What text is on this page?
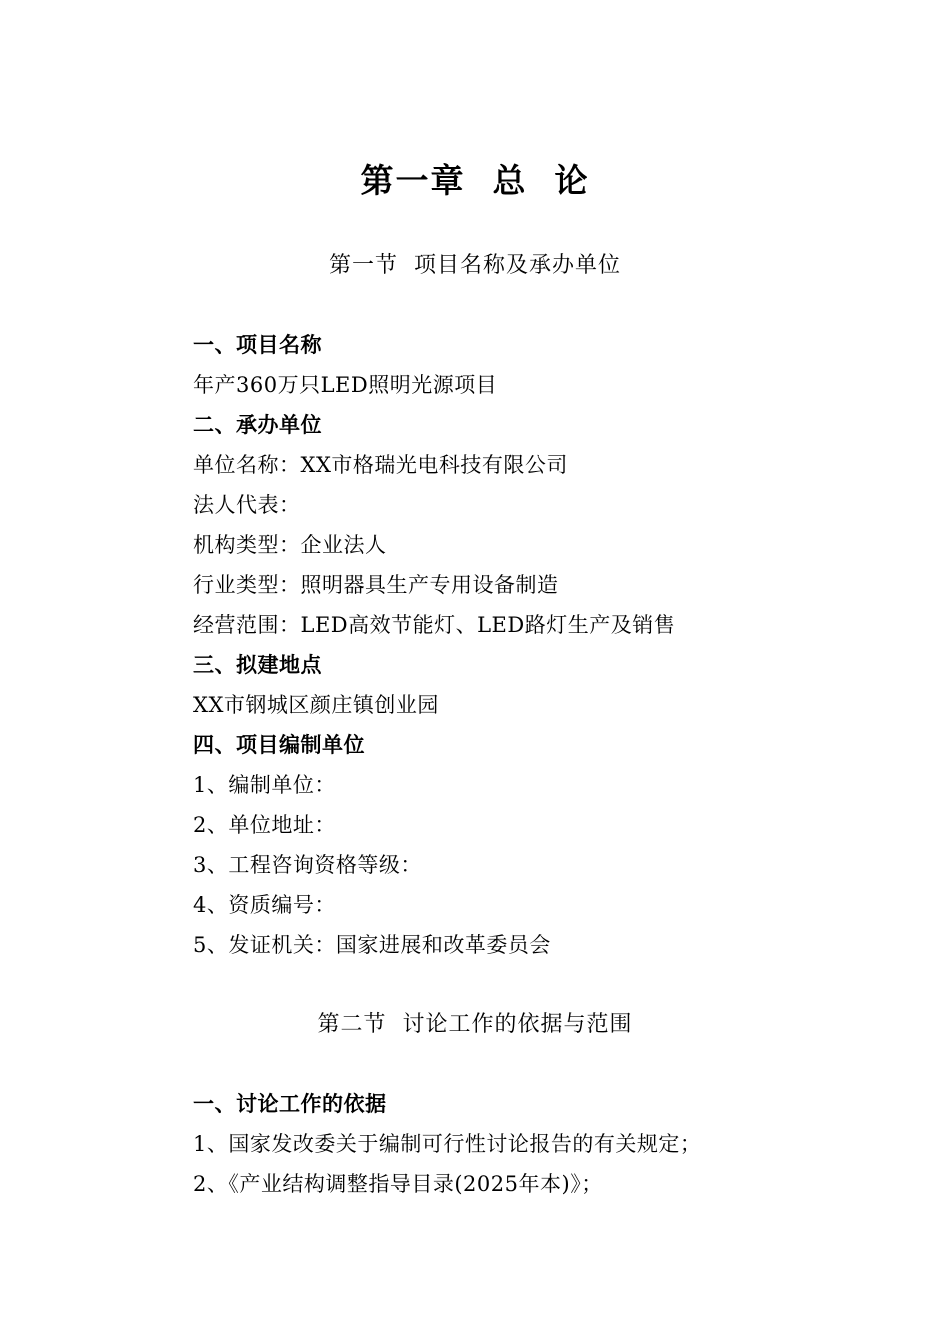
第一章  总  论
第一节  项目名称及承办单位
一、项目名称
年产360万只LED照明光源项目
二、承办单位
单位名称：XX市格瑞光电科技有限公司
法人代表：
机构类型：企业法人
行业类型：照明器具生产专用设备制造
经营范围：LED高效节能灯、LED路灯生产及销售
三、拟建地点
XX市钢城区颜庄镇创业园
四、项目编制单位
1、编制单位：
2、单位地址：
3、工程咨询资格等级：
4、资质编号：
5、发证机关：国家进展和改革委员会
第二节  讨论工作的依据与范围
一、讨论工作的依据
1、国家发改委关于编制可行性讨论报告的有关规定；
2、《产业结构调整指导目录(2025年本)》；
